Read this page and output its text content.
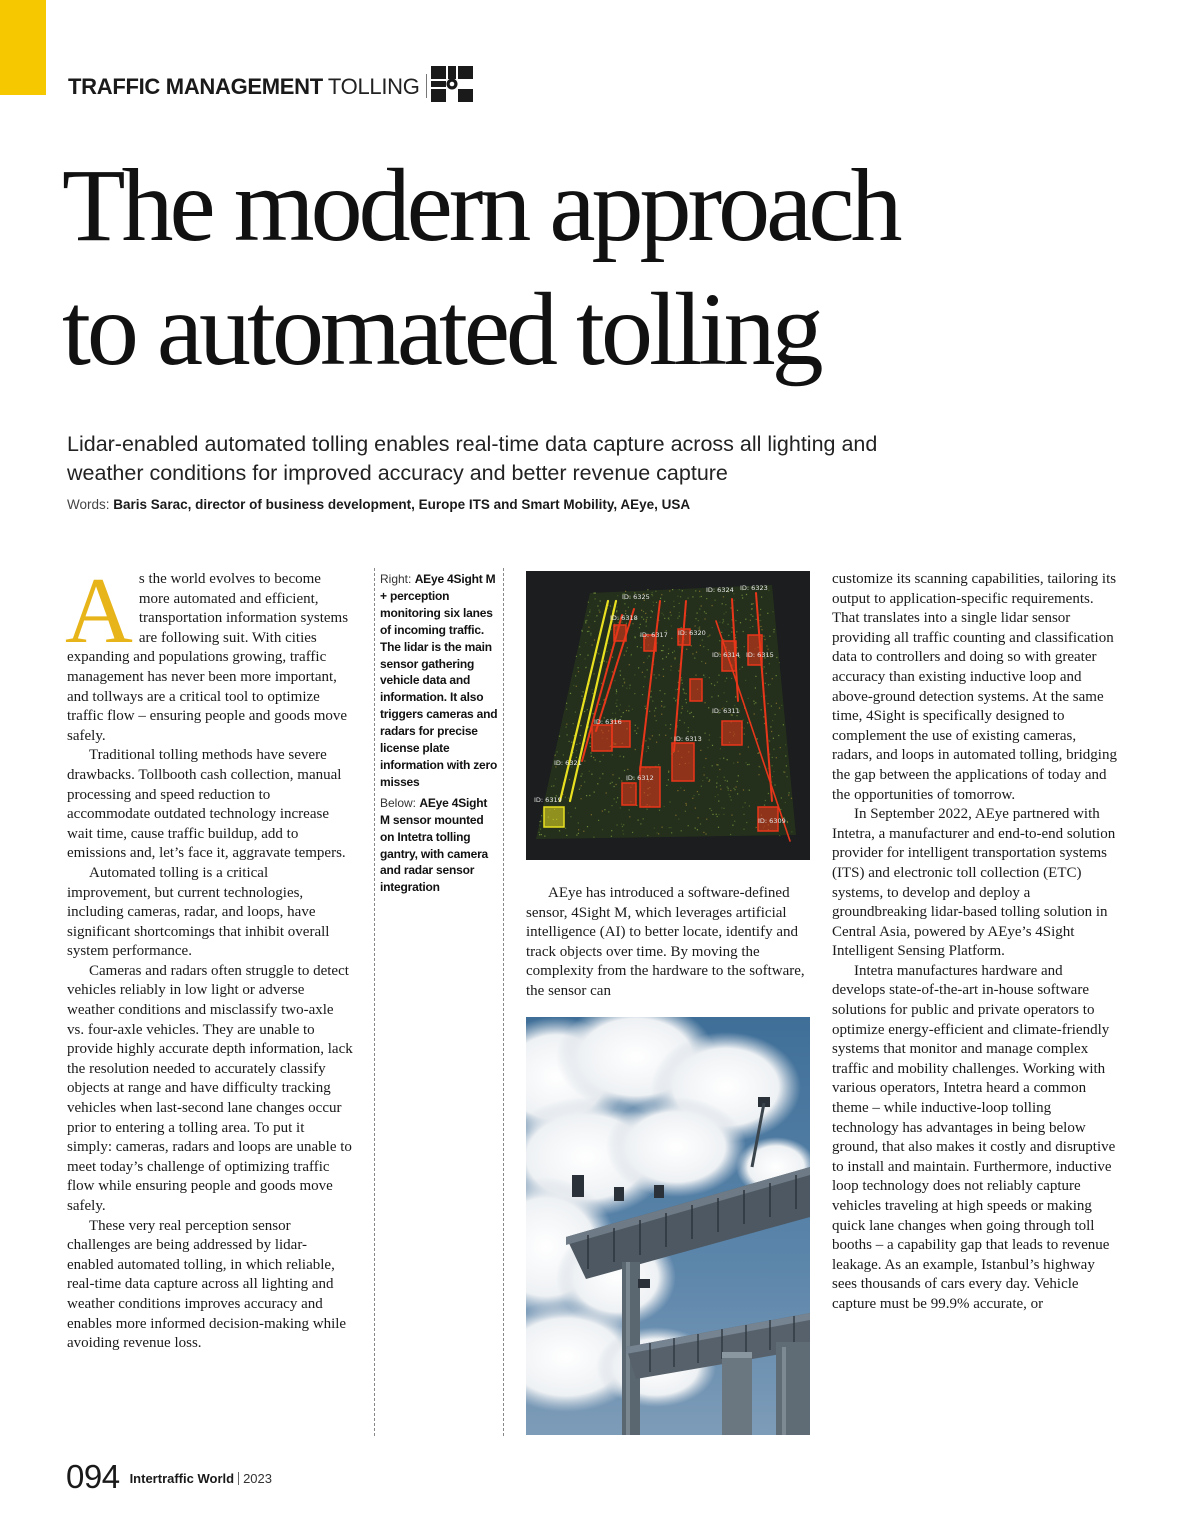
TRAFFIC MANAGEMENT TOLLING
The modern approach
to automated tolling

Lidar-enabled automated tolling enables real-time data capture across all lighting and weather conditions for improved accuracy and better revenue capture

Words: Baris Sarac, director of business development, Europe ITS and Smart Mobility, AEye, USA

A s the world evolves to become more automated and efficient, transportation information systems are following suit. With cities expanding and populations growing, traffic management has never been more important, and tollways are a critical tool to optimize traffic flow – ensuring people and goods move safely.

Traditional tolling methods have severe drawbacks. Tollbooth cash collection, manual processing and speed reduction to accommodate outdated technology increase wait time, cause traffic buildup, add to emissions and, let’s face it, aggravate tempers.

Automated tolling is a critical improvement, but current technologies, including cameras, radar, and loops, have significant shortcomings that inhibit overall system performance.

Cameras and radars often struggle to detect vehicles reliably in low light or adverse weather conditions and misclassify two-axle vs. four-axle vehicles. They are unable to provide highly accurate depth information, lack the resolution needed to accurately classify objects at range and have difficulty tracking vehicles when last-second lane changes occur prior to entering a tolling area. To put it simply: cameras, radars and loops are unable to meet today’s challenge of optimizing traffic flow while ensuring people and goods move safely.

These very real perception sensor challenges are being addressed by lidar-enabled automated tolling, in which reliable, real-time data capture across all lighting and weather conditions improves accuracy and enables more informed decision-making while avoiding revenue loss.

Right: AEye 4Sight M + perception monitoring six lanes of incoming traffic. The lidar is the main sensor gathering vehicle data and information. It also triggers cameras and radars for precise license plate information with zero misses

Below: AEye 4Sight M sensor mounted on Intetra tolling gantry, with camera and radar sensor integration

ID: 6325
ID: 6324 ID: 6323
ID: 6318
ID: 6317 ID: 6320
ID: 6314 ID: 6315
ID: 6311
ID: 6316
ID: 6313
ID: 6321
ID: 6312
ID: 6319
ID: 6309

AEye has introduced a software-defined sensor, 4Sight M, which leverages artificial intelligence (AI) to better locate, identify and track objects over time. By moving the complexity from the hardware to the software, the sensor can

customize its scanning capabilities, tailoring its output to application-specific requirements. That translates into a single lidar sensor providing all traffic counting and classification data to controllers and doing so with greater accuracy than existing inductive loop and above-ground detection systems. At the same time, 4Sight is specifically designed to complement the use of existing cameras, radars, and loops in automated tolling, bridging the gap between the applications of today and the opportunities of tomorrow.

In September 2022, AEye partnered with Intetra, a manufacturer and end-to-end solution provider for intelligent transportation systems (ITS) and electronic toll collection (ETC) systems, to develop and deploy a groundbreaking lidar-based tolling solution in Central Asia, powered by AEye’s 4Sight Intelligent Sensing Platform.

Intetra manufactures hardware and develops state-of-the-art in-house software solutions for public and private operators to optimize energy-efficient and climate-friendly systems that monitor and manage complex traffic and mobility challenges. Working with various operators, Intetra heard a common theme – while inductive-loop tolling technology has advantages in being below ground, that also makes it costly and disruptive to install and maintain. Furthermore, inductive loop technology does not reliably capture vehicles traveling at high speeds or making quick lane changes when going through toll booths – a capability gap that leads to revenue leakage. As an example, Istanbul’s highway sees thousands of cars every day. Vehicle capture must be 99.9% accurate, or

094 Intertraffic World 2023
